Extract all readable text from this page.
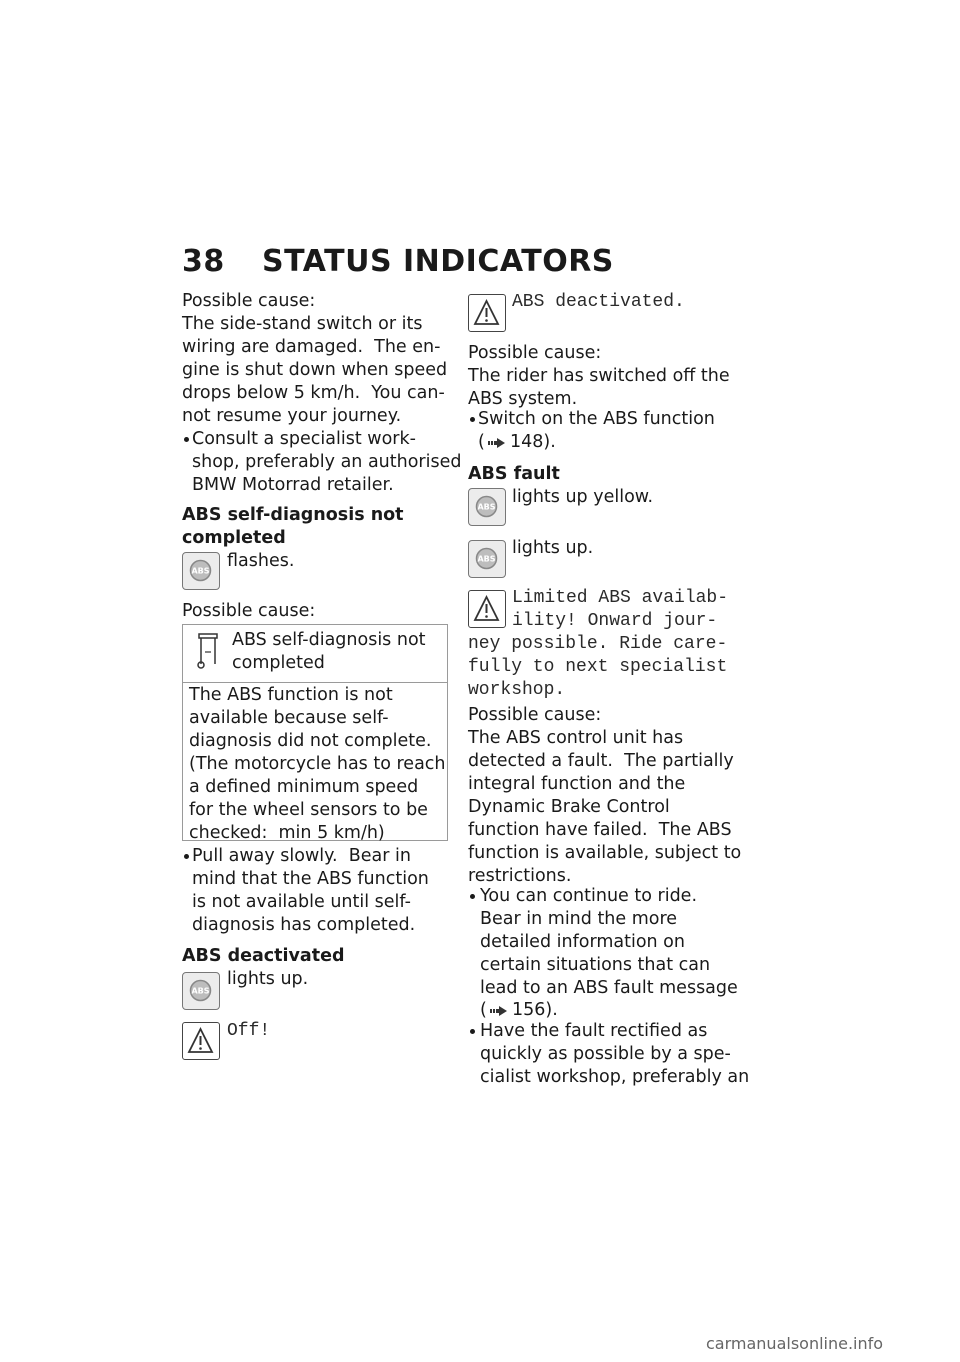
38 STATUS INDICATORS
Possible cause:
The side-stand switch or its
wiring are damaged.  The en-
gine is shut down when speed
drops below 5 km/h.  You can-
not resume your journey.
Consult a specialist work-
shop, preferably an authorised
BMW Motorrad retailer.
ABS self-diagnosis not
completed
ABS flashes.
Possible cause:
ABS self-diagnosis not
completed
The ABS function is not
available because self-
diagnosis did not complete.
(The motorcycle has to reach
a defined minimum speed
for the wheel sensors to be
checked:  min 5 km/h)
Pull away slowly.  Bear in
mind that the ABS function
is not available until self-
diagnosis has completed.
ABS deactivated
ABS
lights up.
Off!
ABS deactivated.
Possible cause:
The rider has switched off the
ABS system.
Switch on the ABS function
( 148).
ABS fault
ABS lights up yellow.
ABS
lights up.
Limited ABS availab-
ility! Onward jour-
ney possible. Ride care-
fully to next specialist
workshop.
Possible cause:
The ABS control unit has
detected a fault.  The partially
integral function and the
Dynamic Brake Control
function have failed.  The ABS
function is available, subject to
restrictions.
You can continue to ride.
Bear in mind the more
detailed information on
certain situations that can
lead to an ABS fault message
( 156).
Have the fault rectified as
quickly as possible by a spe-
cialist workshop, preferably an
carmanualsonline.info
